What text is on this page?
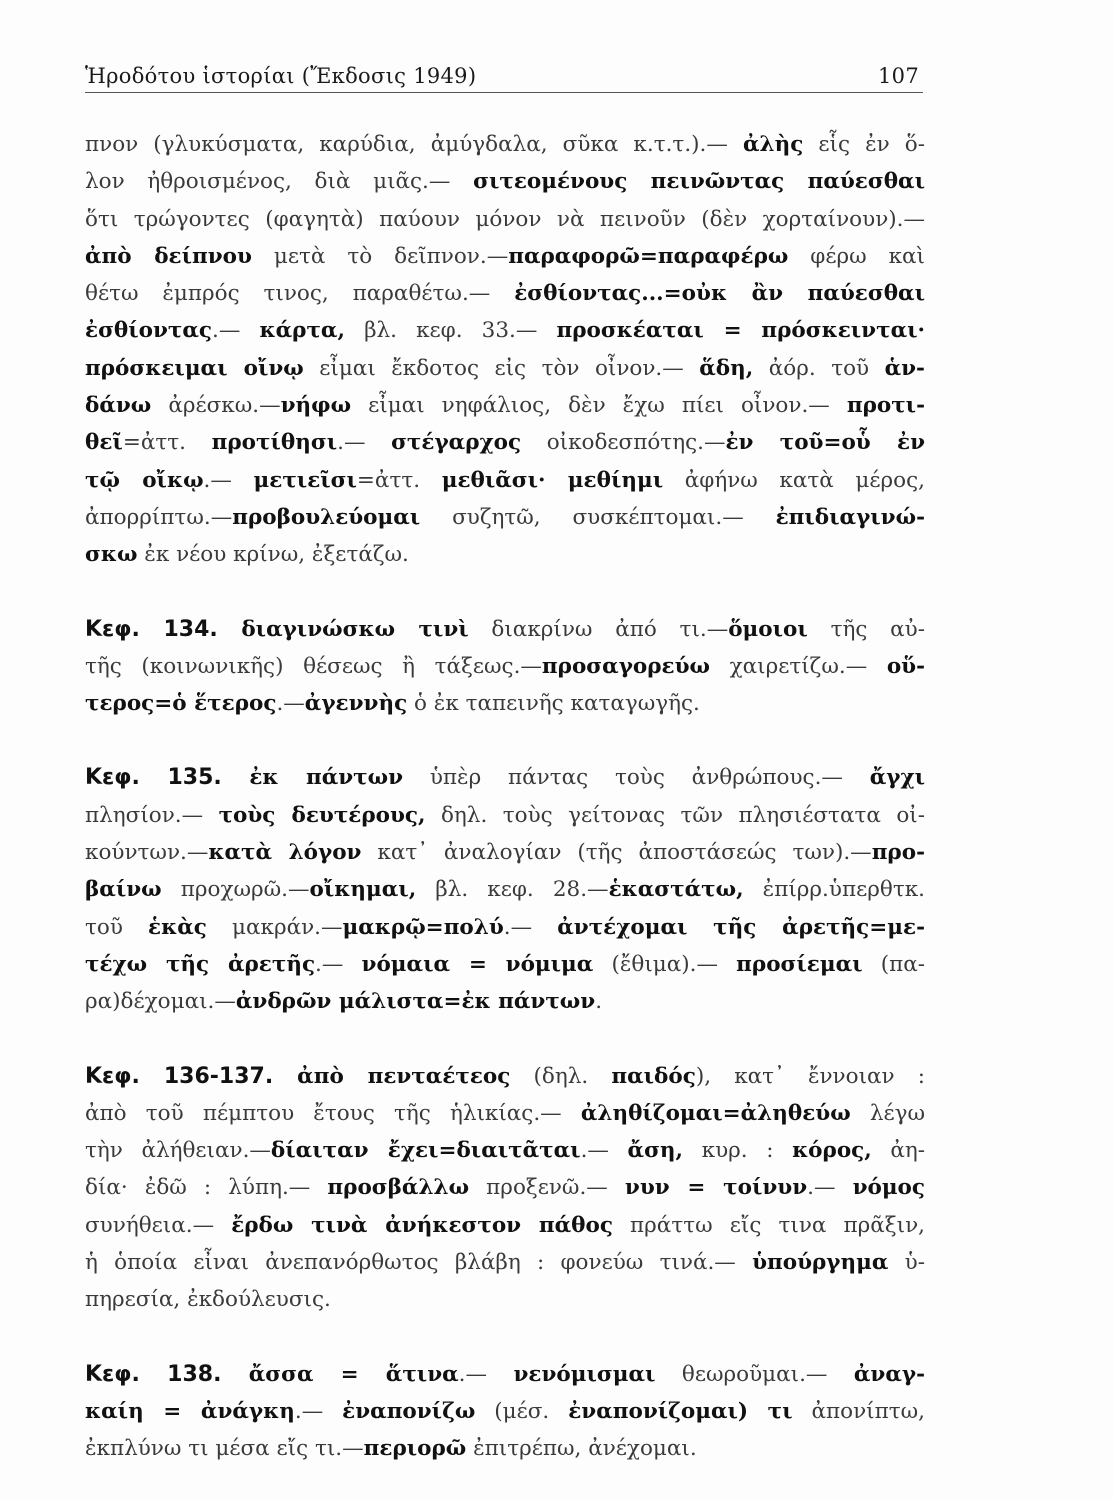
Ἡροδότου ἱστορίαι (Ἔκδοσις 1949)	107
πνον (γλυκύσματα, καρύδια, ἀμύγδαλα, σῦκα κ.τ.τ.).— ἀλὴς εἷς ἐν ὅ-
λον ἠθροισμένος, διὰ μιᾶς.— σιτεομένους πεινῶντας παύεσθαι
ὅτι τρώγοντες (φαγητὰ) παύουν μόνον νὰ πεινοῦν (δὲν χορταίνουν).—
ἀπὸ δείπνου μετὰ τὸ δεῖπνον.—παραφορῶ=παραφέρω φέρω καὶ
θέτω ἐμπρός τινος, παραθέτω.— ἐσθίοντας...=οὐκ ἂν παύεσθαι
ἐσθίοντας.— κάρτα, βλ. κεφ. 33.— προσκέαται = πρόσκεινται·
πρόσκειμαι οἴνῳ εἶμαι ἔκδοτος εἰς τὸν οἶνον.— ἅδη, ἀόρ. τοῦ ἁν-
δάνω ἀρέσκω.—νήφω εἶμαι νηφάλιος, δὲν ἔχω πίει οἶνον.— προτι-
θεῖ=ἀττ. προτίθησι.— στέγαρχος οἰκοδεσπότης.—ἐν τοῦ=οὗ ἐν
τῷ οἴκῳ.— μετιεῖσι=ἀττ. μεθιᾶσι· μεθίημι ἀφήνω κατὰ μέρος,
ἀπορρίπτω.—προβουλεύομαι συζητῶ, συσκέπτομαι.— ἐπιδιαγινώ-
σκω ἐκ νέου κρίνω, ἐξετάζω.
Κεφ. 134. διαγινώσκω τινὶ διακρίνω ἀπό τι.—ὅμοιοι τῆς αὐ-
τῆς (κοινωνικῆς) θέσεως ἢ τάξεως.—προσαγορεύω χαιρετίζω.— οὕ-
τερος=ὁ ἕτερος.—ἀγεννὴς ὁ ἐκ ταπεινῆς καταγωγῆς.
Κεφ. 135. ἐκ πάντων ὑπὲρ πάντας τοὺς ἀνθρώπους.— ἄγχι
πλησίον.— τοὺς δευτέρους, δηλ. τοὺς γείτονας τῶν πλησιέστατα οἰ-
κούντων.—κατὰ λόγον κατ᾽ ἀναλογίαν (τῆς ἀποστάσεώς των).—προ-
βαίνω προχωρῶ.—οἴκημαι, βλ. κεφ. 28.—ἑκαστάτω, ἐπίρρ.ὑπερθτκ.
τοῦ ἑκὰς μακράν.—μακρῷ=πολύ.— ἀντέχομαι τῆς ἀρετῆς=με-
τέχω τῆς ἀρετῆς.— νόμαια = νόμιμα (ἔθιμα).— προσίεμαι (πα-
ρα)δέχομαι.—ἀνδρῶν μάλιστα=ἐκ πάντων.
Κεφ. 136-137. ἀπὸ πενταέτεος (δηλ. παιδός), κατ᾽ ἔννοιαν :
ἀπὸ τοῦ πέμπτου ἔτους τῆς ἡλικίας.— ἀληθίζομαι=ἀληθεύω λέγω
τὴν ἀλήθειαν.—δίαιταν ἔχει=διαιτᾶται.— ἄση, κυρ. : κόρος, ἀη-
δία· ἐδῶ : λύπη.— προσβάλλω προξενῶ.— νυν = τοίνυν.— νόμος
συνήθεια.— ἔρδω τινὰ ἀνήκεστον πάθος πράττω εἴς τινα πρᾶξιν,
ἡ ὁποία εἶναι ἀνεπανόρθωτος βλάβη : φονεύω τινά.— ὑπούργημα ὑ-
πηρεσία, ἐκδούλευσις.
Κεφ. 138. ἄσσα = ἅτινα.— νενόμισμαι θεωροῦμαι.— ἀναγ-
καίη = ἀνάγκη.— ἐναπονίζω (μέσ. ἐναπονίζομαι) τι ἀπονίπτω,
ἐκπλύνω τι μέσα εἴς τι.—περιορῶ ἐπιτρέπω, ἀνέχομαι.
